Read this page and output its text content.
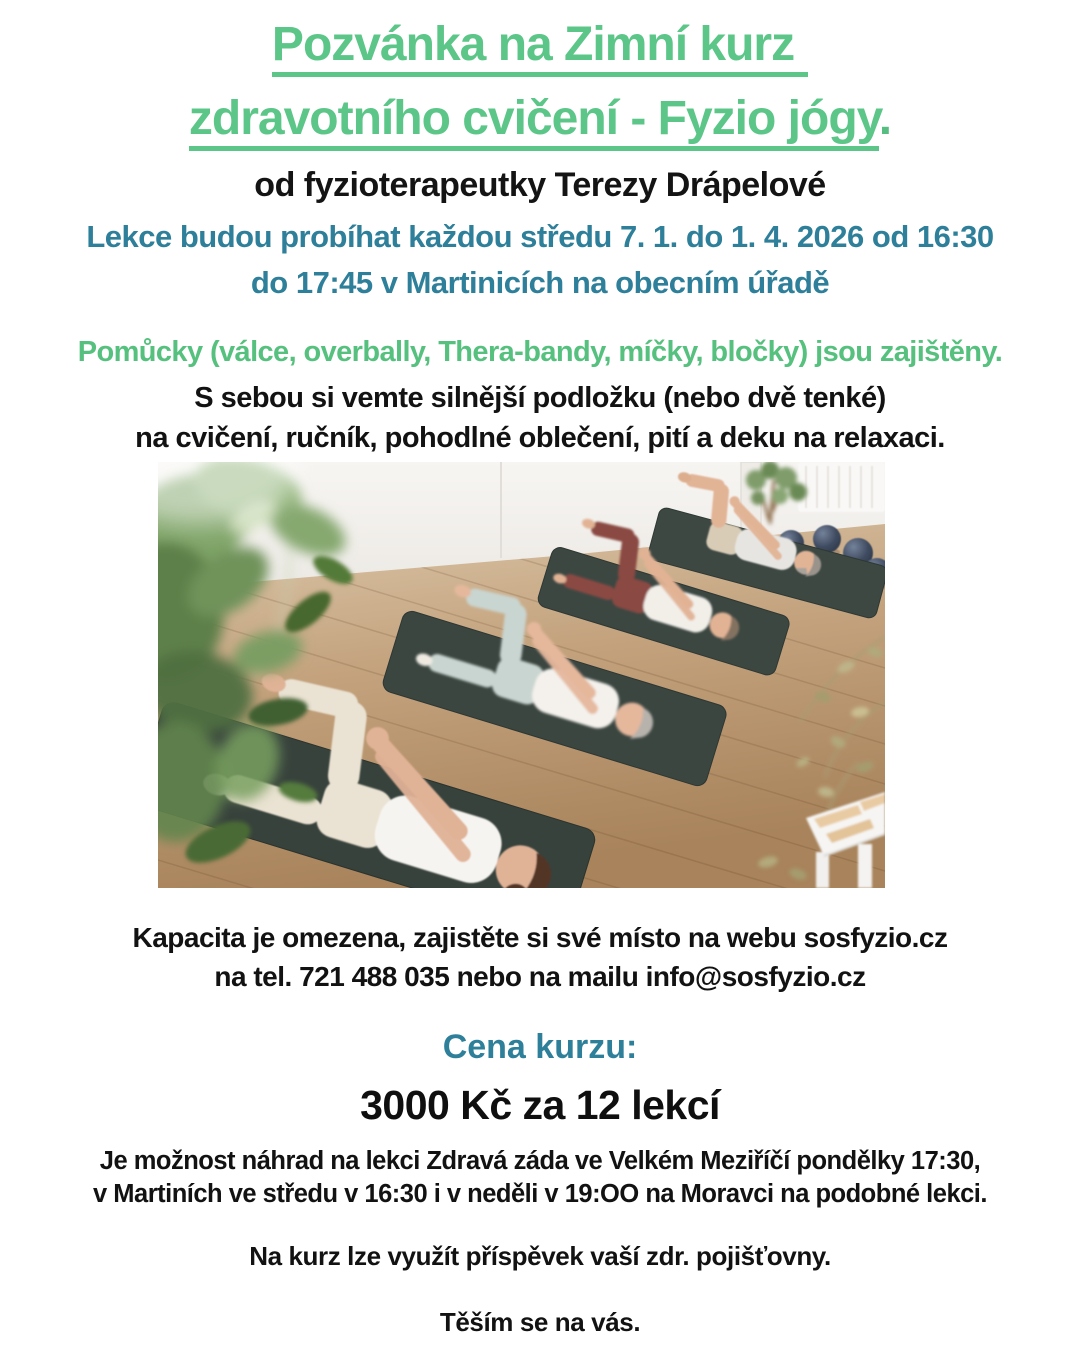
Pozvánka na Zimní kurz
zdravotního cvičení - Fyzio jógy.
od fyzioterapeutky Terezy Drápelové
Lekce budou probíhat každou středu 7. 1. do 1. 4. 2026 od 16:30
do 17:45 v Martinicích na obecním úřadě
Pomůcky (válce, overbally, Thera-bandy, míčky, bločky) jsou zajištěny.
S sebou si vemte silnější podložku (nebo dvě tenké)
na cvičení, ručník, pohodlné oblečení, pití a deku na relaxaci.
Kapacita je omezena, zajistěte si své místo na webu sosfyzio.cz
na tel. 721 488 035 nebo na mailu info@sosfyzio.cz
Cena kurzu:
3000 Kč za 12 lekcí
Je možnost náhrad na lekci Zdravá záda ve Velkém Meziříčí pondělky 17:30,
v Martiních ve středu v 16:30 i v neděli v 19:OO na Moravci na podobné lekci.
Na kurz lze využít příspěvek vaší zdr. pojišťovny.
Těším se na vás.
